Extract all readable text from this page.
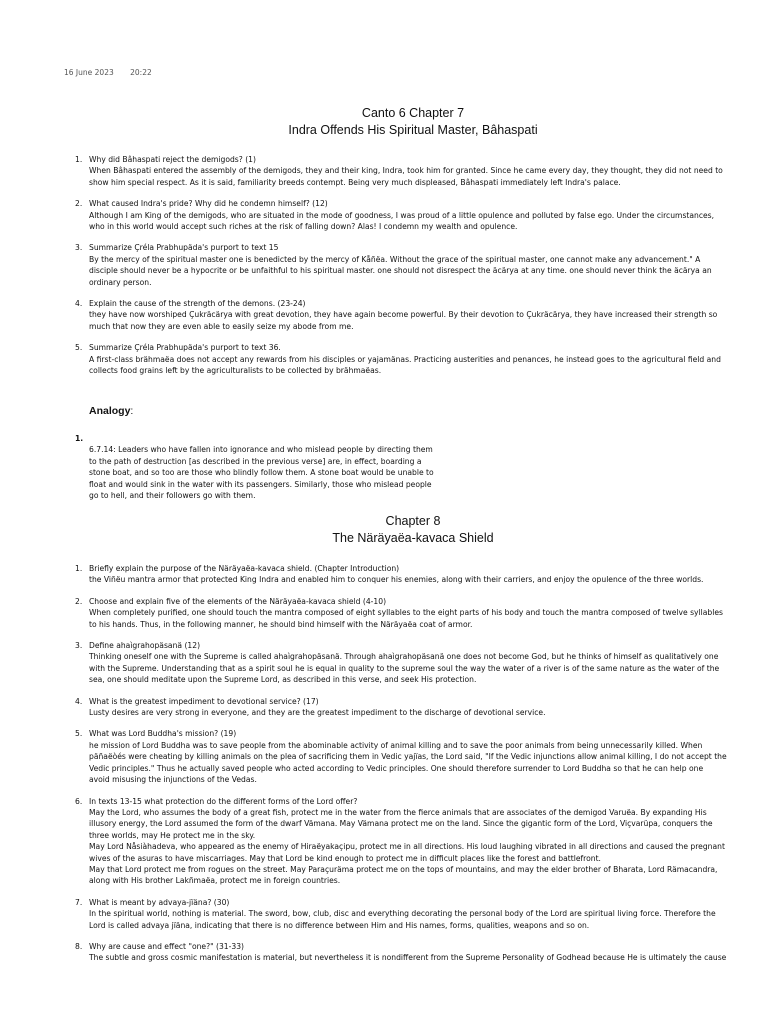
16 June 2023 20:22
Canto 6 Chapter 7
Indra Offends His Spiritual Master, Bâhaspati
1. Why did Bâhaspati reject the demigods? (1)

When Bâhaspati entered the assembly of the demigods, they and their king, Indra, took him for granted. Since he came every day, they thought, they did not need to
show him special respect. As it is said, familiarity breeds contempt. Being very much displeased, Bâhaspati immediately left Indra's palace.

2. What caused Indra's pride? Why did he condemn himself? (12)

Although I am King of the demigods, who are situated in the mode of goodness, I was proud of a little opulence and polluted by false ego. Under the circumstances,
who in this world would accept such riches at the risk of falling down? Alas! I condemn my wealth and opulence.

3. Summarize Çréla Prabhupäda's purport to text 15

By the mercy of the spiritual master one is benedicted by the mercy of Kåñëa. Without the grace of the spiritual master, one cannot make any advancement." A
disciple should never be a hypocrite or be unfaithful to his spiritual master. one should not disrespect the äcärya at any time. one should never think the äcärya an
ordinary person.

4. Explain the cause of the strength of the demons. (23-24)

they have now worshiped Çukräcärya with great devotion, they have again become powerful. By their devotion to Çukräcärya, they have increased their strength so
much that now they are even able to easily seize my abode from me.

5. Summarize Çréla Prabhupäda's purport to text 36.

A first-class brähmaëa does not accept any rewards from his disciples or yajamänas. Practicing austerities and penances, he instead goes to the agricultural field and
collects food grains left by the agriculturalists to be collected by brähmaëas.

Analogy:

1.
6.7.14: Leaders who have fallen into ignorance and who mislead people by directing them
to the path of destruction [as described in the previous verse] are, in effect, boarding a
stone boat, and so too are those who blindly follow them. A stone boat would be unable to
float and would sink in the water with its passengers. Similarly, those who mislead people
go to hell, and their followers go with them.

Chapter 8
The Näräyaëa-kavaca Shield
1. Briefly explain the purpose of the Näräyaëa-kavaca shield. (Chapter Introduction)

the Viñëu mantra armor that protected King Indra and enabled him to conquer his enemies, along with their carriers, and enjoy the opulence of the three worlds.

2. Choose and explain five of the elements of the Näräyaëa-kavaca shield (4-10)

When completely purified, one should touch the mantra composed of eight syllables to the eight parts of his body and touch the mantra composed of twelve syllables
to his hands. Thus, in the following manner, he should bind himself with the Näräyaëa coat of armor.

3. Define ahaìgrahopäsanä (12)

Thinking oneself one with the Supreme is called ahaìgrahopäsanä. Through ahaìgrahopäsanä one does not become God, but he thinks of himself as qualitatively one
with the Supreme. Understanding that as a spirit soul he is equal in quality to the supreme soul the way the water of a river is of the same nature as the water of the
sea, one should meditate upon the Supreme Lord, as described in this verse, and seek His protection.

4. What is the greatest impediment to devotional service? (17)

Lusty desires are very strong in everyone, and they are the greatest impediment to the discharge of devotional service.

5. What was Lord Buddha's mission? (19)

he mission of Lord Buddha was to save people from the abominable activity of animal killing and to save the poor animals from being unnecessarily killed. When
päñaëòés were cheating by killing animals on the plea of sacrificing them in Vedic yajïas, the Lord said, "If the Vedic injunctions allow animal killing, I do not accept the
Vedic principles." Thus he actually saved people who acted according to Vedic principles. One should therefore surrender to Lord Buddha so that he can help one
avoid misusing the injunctions of the Vedas.

6. In texts 13-15 what protection do the different forms of the Lord offer?

May the Lord, who assumes the body of a great fish, protect me in the water from the fierce animals that are associates of the demigod Varuëa. By expanding His
illusory energy, the Lord assumed the form of the dwarf Vämana. May Vämana protect me on the land. Since the gigantic form of the Lord, Viçvarüpa, conquers the
three worlds, may He protect me in the sky.
May Lord Nåsiàhadeva, who appeared as the enemy of Hiraëyakaçipu, protect me in all directions. His loud laughing vibrated in all directions and caused the pregnant
wives of the asuras to have miscarriages. May that Lord be kind enough to protect me in difficult places like the forest and battlefront.
May that Lord protect me from rogues on the street. May Paraçuräma protect me on the tops of mountains, and may the elder brother of Bharata, Lord Rämacandra,
along with His brother Lakñmaëa, protect me in foreign countries.

7. What is meant by advaya-jïäna? (30)

In the spiritual world, nothing is material. The sword, bow, club, disc and everything decorating the personal body of the Lord are spiritual living force. Therefore the
Lord is called advaya jïäna, indicating that there is no difference between Him and His names, forms, qualities, weapons and so on.

8. Why are cause and effect "one?" (31-33)

The subtle and gross cosmic manifestation is material, but nevertheless it is nondifferent from the Supreme Personality of Godhead because He is ultimately the cause
